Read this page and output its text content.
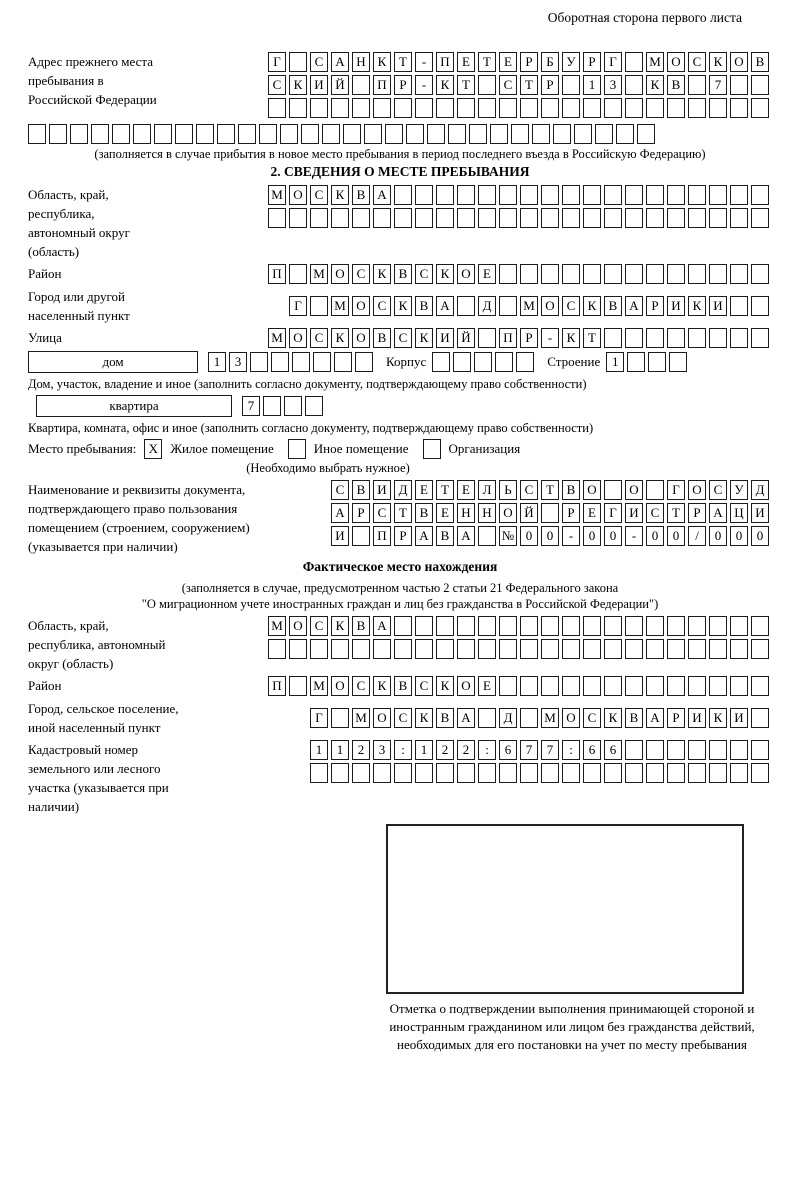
Оборотная сторона первого листа
Адрес прежнего места пребывания в Российской Федерации
Г	С А Н К Т	-	П Е	Т	Е	Р	Б У Р	Г	М О С К О В
С К И Й	П Р	-	К Т	С Т	Р	1	3	К В	7
(заполняется в случае прибытия в новое место пребывания в период последнего въезда в Российскую Федерацию)
2. СВЕДЕНИЯ О МЕСТЕ ПРЕБЫВАНИЯ
Область, край, республика, автономный округ (область)
М О С К В А
Район	П	М О С К В С К О Е
Город или другой населенный пункт
Г	М О С К В А	Д	М О С К В А Р И К И
Улица	М О С К О В С К И Й	П Р	-	К Т
дом	1	3	Корпус	Строение 1
Дом, участок, владение и иное (заполнить согласно документу, подтверждающему право собственности)
квартира	7
Квартира, комната, офис и иное (заполнить согласно документу, подтверждающему право собственности)
Место пребывания: X Жилое помещение	Иное помещение	Организация
(Необходимо выбрать нужное)
Наименование и реквизиты документа, подтверждающего право пользования помещением (строением, сооружением) (указывается при наличии)
С В И Д Е	Т	Е Л Ь С Т В О	О	Г О С У Д
А Р	С Т В Е Н Н О Й	Р	Е	Г И С Т	Р А Ц И
И	П Р А В А	№ 0	0	-	0	0	-	0	0	/	0	0	0
Фактическое место нахождения
(заполняется в случае, предусмотренном частью 2 статьи 21 Федерального закона
"О миграционном учете иностранных граждан и лиц без гражданства в Российской Федерации")
Область, край, республика, автономный округ (область)
М О С К В А
Район	П	М О С К В С К О Е
Город, сельское поселение, иной населенный пункт
Г	М О С К В А	Д	М О С К В А Р И К И
Кадастровый номер земельного или лесного участка (указывается при наличии)
1	1	2	3	:	1	2	2	:	6	7	7	:	6	6
Отметка о подтверждении выполнения принимающей стороной и иностранным гражданином или лицом без гражданства действий, необходимых для его постановки на учет по месту пребывания
